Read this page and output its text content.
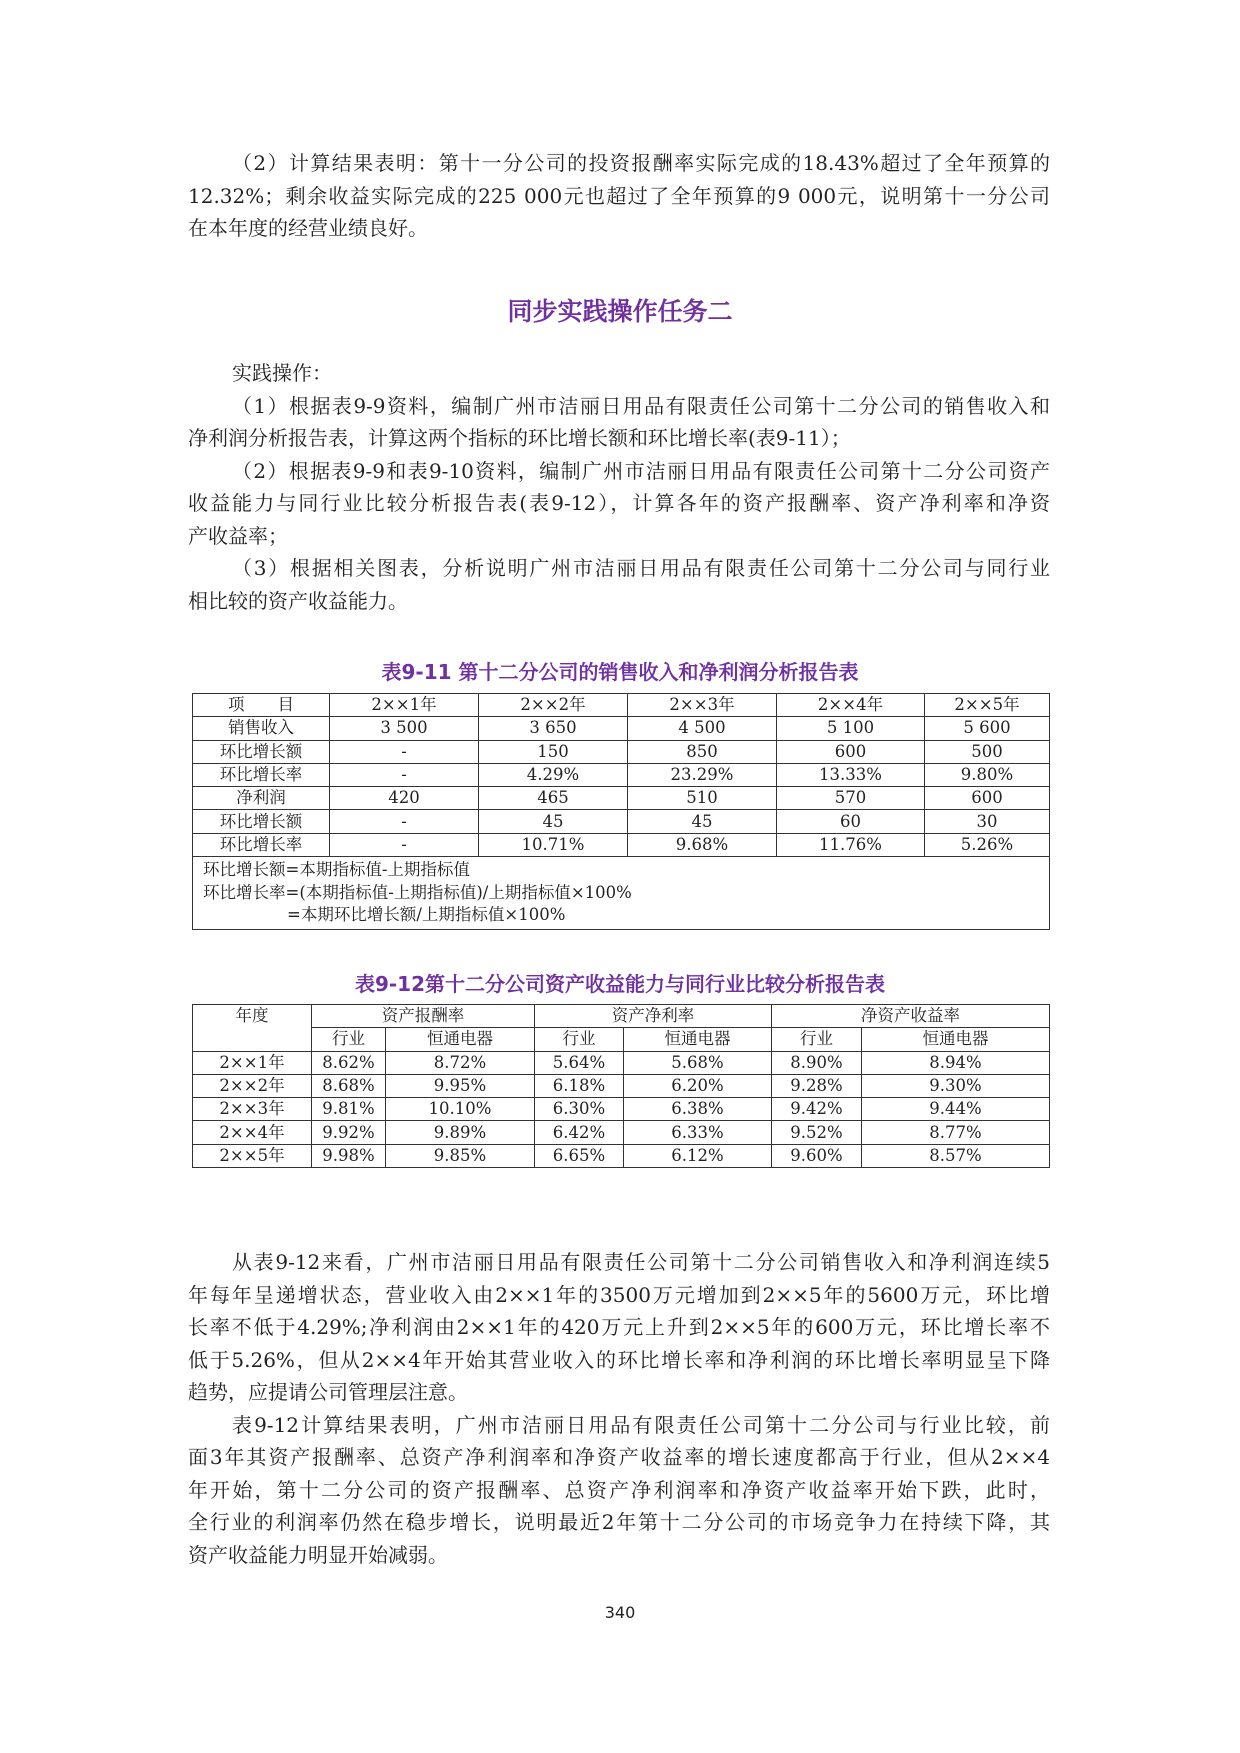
（2）计算结果表明：第十一分公司的投资报酬率实际完成的18.43%超过了全年预算的
12.32%；剩余收益实际完成的225 000元也超过了全年预算的9 000元，说明第十一分公司
在本年度的经营业绩良好。
实践操作：
（1）根据表9-9资料，编制广州市洁丽日用品有限责任公司第十二分公司的销售收入和
净利润分析报告表，计算这两个指标的环比增长额和环比增长率(表9-11）；
（2）根据表9-9和表9-10资料，编制广州市洁丽日用品有限责任公司第十二分公司资产
收益能力与同行业比较分析报告表(表9-12），计算各年的资产报酬率、资产净利率和净资
产收益率；
（3）根据相关图表，分析说明广州市洁丽日用品有限责任公司第十二分公司与同行业
相比较的资产收益能力。
从表9-12来看，广州市洁丽日用品有限责任公司第十二分公司销售收入和净利润连续5
年每年呈递增状态，营业收入由2××1年的3500万元增加到2××5年的5600万元，环比增
长率不低于4.29%;净利润由2××1年的420万元上升到2××5年的600万元，环比增长率不
低于5.26%，但从2××4年开始其营业收入的环比增长率和净利润的环比增长率明显呈下降
趋势，应提请公司管理层注意。
表9-12计算结果表明，广州市洁丽日用品有限责任公司第十二分公司与行业比较，前
面3年其资产报酬率、总资产净利润率和净资产收益率的增长速度都高于行业，但从2××4
年开始，第十二分公司的资产报酬率、总资产净利润率和净资产收益率开始下跌，此时，
全行业的利润率仍然在稳步增长，说明最近2年第十二分公司的市场竞争力在持续下降，其
资产收益能力明显开始减弱。
同步实践操作任务二
表9-11 第十二分公司的销售收入和净利润分析报告表
项　　目	2××1年	2××2年	2××3年	2××4年	2××5年
销售收入	3 500	3 650	4 500	5 100	5 600
环比增长额	-	150	850	600	500
环比增长率	-	4.29%	23.29%	13.33%	9.80%
净利润	420	465	510	570	600
环比增长额	-	45	45	60	30
环比增长率	-	10.71%	9.68%	11.76%	5.26%

环比增长额=本期指标值-上期指标值
环比增长率=(本期指标值-上期指标值)/上期指标值×100%
=本期环比增长额/上期指标值×100%					
表9-12第十二分公司资产收益能力与同行业比较分析报告表
年度	资产报酬率		资产净利率		净资产收益率	
	行业	恒通电器	行业	恒通电器	行业	恒通电器
2××1年	8.62%	8.72%	5.64%	5.68%	8.90%	8.94%
2××2年	8.68%	9.95%	6.18%	6.20%	9.28%	9.30%
2××3年	9.81%	10.10%	6.30%	6.38%	9.42%	9.44%
2××4年	9.92%	9.89%	6.42%	6.33%	9.52%	8.77%
2××5年	9.98%	9.85%	6.65%	6.12%	9.60%	8.57%
340
